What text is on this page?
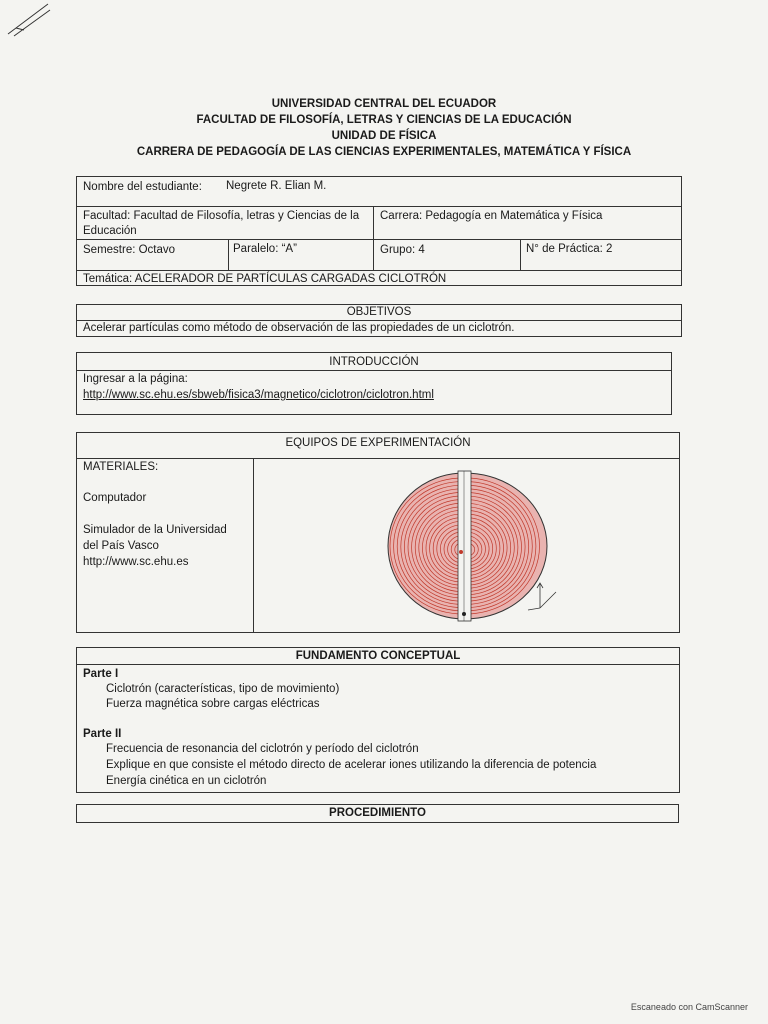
UNIVERSIDAD CENTRAL DEL ECUADOR
FACULTAD DE FILOSOFÍA, LETRAS Y CIENCIAS DE LA EDUCACIÓN
UNIDAD DE FÍSICA
CARRERA DE PEDAGOGÍA DE LAS CIENCIAS EXPERIMENTALES, MATEMÁTICA Y FÍSICA
Nombre del estudiante: Negrete R. Elian M.
Facultad: Facultad de Filosofía, letras y Ciencias de la
Educación
Carrera: Pedagogía en Matemática y Física
Semestre: Octavo	Paralelo: “A”	Grupo: 4	N° de Práctica: 2
Temática: ACELERADOR DE PARTÍCULAS CARGADAS CICLOTRÓN
OBJETIVOS
Acelerar partículas como método de observación de las propiedades de un ciclotrón.
INTRODUCCIÓN
Ingresar a la página:
http://www.sc.ehu.es/sbweb/fisica3/magnetico/ciclotron/ciclotron.html
EQUIPOS DE EXPERIMENTACIÓN
MATERIALES:
Computador
Simulador de la Universidad
del País Vasco
http://www.sc.ehu.es
FUNDAMENTO CONCEPTUAL
Parte I
Ciclotrón (características, tipo de movimiento)
Fuerza magnética sobre cargas eléctricas
Parte II
Frecuencia de resonancia del ciclotrón y período del ciclotrón
Explique en que consiste el método directo de acelerar iones utilizando la diferencia de potencia
Energía cinética en un ciclotrón
PROCEDIMIENTO
Escaneado con CamScanner
